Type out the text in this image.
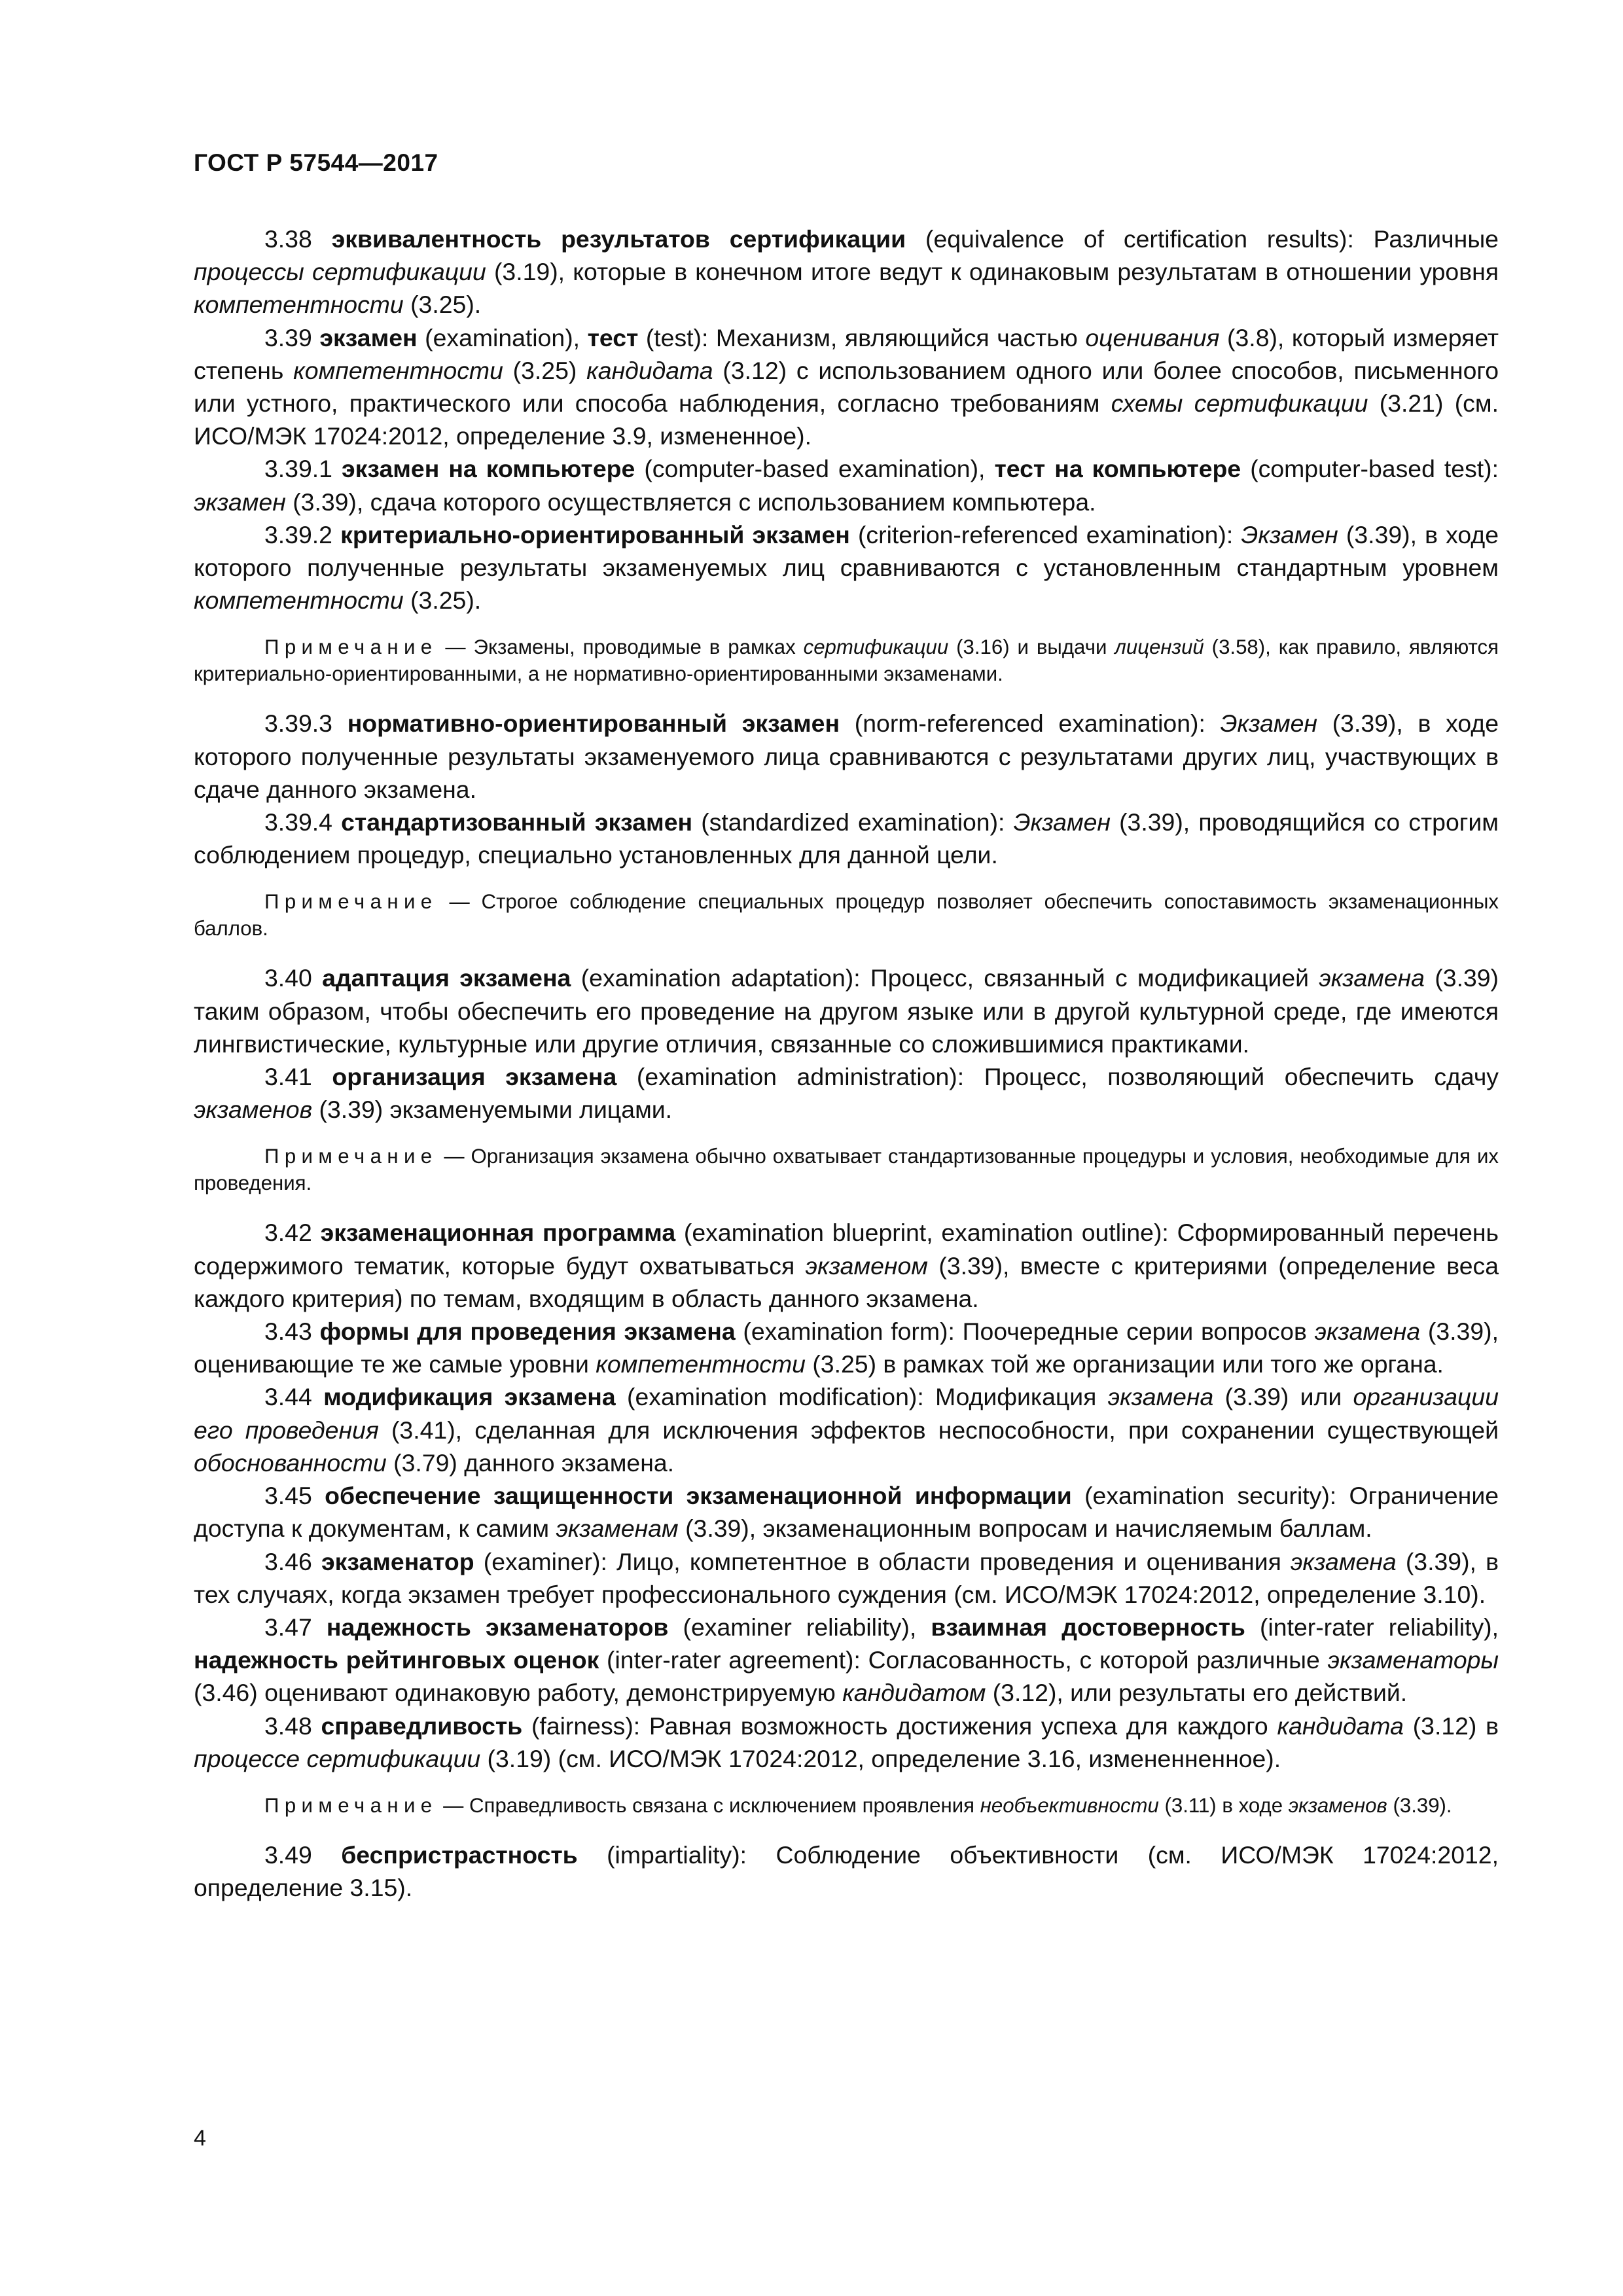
ГОСТ Р 57544—2017

3.38 эквивалентность результатов сертификации (equivalence of certification results): Различные процессы сертификации (3.19), которые в конечном итоге ведут к одинаковым результатам в отношении уровня компетентности (3.25).

3.39 экзамен (examination), тест (test): Механизм, являющийся частью оценивания (3.8), который измеряет степень компетентности (3.25) кандидата (3.12) с использованием одного или более способов, письменного или устного, практического или способа наблюдения, согласно требованиям схемы сертификации (3.21) (см. ИСО/МЭК 17024:2012, определение 3.9, измененное).

3.39.1 экзамен на компьютере (computer-based examination), тест на компьютере (computer-based test): экзамен (3.39), сдача которого осуществляется с использованием компьютера.

3.39.2 критериально-ориентированный экзамен (criterion-referenced examination): Экзамен (3.39), в ходе которого полученные результаты экзаменуемых лиц сравниваются с установленным стандартным уровнем компетентности (3.25).

Примечание — Экзамены, проводимые в рамках сертификации (3.16) и выдачи лицензий (3.58), как правило, являются критериально-ориентированными, а не нормативно-ориентированными экзаменами.

3.39.3 нормативно-ориентированный экзамен (norm-referenced examination): Экзамен (3.39), в ходе которого полученные результаты экзаменуемого лица сравниваются с результатами других лиц, участвующих в сдаче данного экзамена.

3.39.4 стандартизованный экзамен (standardized examination): Экзамен (3.39), проводящийся со строгим соблюдением процедур, специально установленных для данной цели.

Примечание — Строгое соблюдение специальных процедур позволяет обеспечить сопоставимость экзаменационных баллов.

3.40 адаптация экзамена (examination adaptation): Процесс, связанный с модификацией экзамена (3.39) таким образом, чтобы обеспечить его проведение на другом языке или в другой культурной среде, где имеются лингвистические, культурные или другие отличия, связанные со сложившимися практиками.

3.41 организация экзамена (examination administration): Процесс, позволяющий обеспечить сдачу экзаменов (3.39) экзаменуемыми лицами.

Примечание — Организация экзамена обычно охватывает стандартизованные процедуры и условия, необходимые для их проведения.

3.42 экзаменационная программа (examination blueprint, examination outline): Сформированный перечень содержимого тематик, которые будут охватываться экзаменом (3.39), вместе с критериями (определение веса каждого критерия) по темам, входящим в область данного экзамена.

3.43 формы для проведения экзамена (examination form): Поочередные серии вопросов экзамена (3.39), оценивающие те же самые уровни компетентности (3.25) в рамках той же организации или того же органа.

3.44 модификация экзамена (examination modification): Модификация экзамена (3.39) или организации его проведения (3.41), сделанная для исключения эффектов неспособности, при сохранении существующей обоснованности (3.79) данного экзамена.

3.45 обеспечение защищенности экзаменационной информации (examination security): Ограничение доступа к документам, к самим экзаменам (3.39), экзаменационным вопросам и начисляемым баллам.

3.46 экзаменатор (examiner): Лицо, компетентное в области проведения и оценивания экзамена (3.39), в тех случаях, когда экзамен требует профессионального суждения (см. ИСО/МЭК 17024:2012, определение 3.10).

3.47 надежность экзаменаторов (examiner reliability), взаимная достоверность (inter-rater reliability), надежность рейтинговых оценок (inter-rater agreement): Согласованность, с которой различные экзаменаторы (3.46) оценивают одинаковую работу, демонстрируемую кандидатом (3.12), или результаты его действий.

3.48 справедливость (fairness): Равная возможность достижения успеха для каждого кандидата (3.12) в процессе сертификации (3.19) (см. ИСО/МЭК 17024:2012, определение 3.16, измененненное).

Примечание — Справедливость связана с исключением проявления необъективности (3.11) в ходе экзаменов (3.39).

3.49 беспристрастность (impartiality): Соблюдение объективности (см. ИСО/МЭК 17024:2012, определение 3.15).

4
